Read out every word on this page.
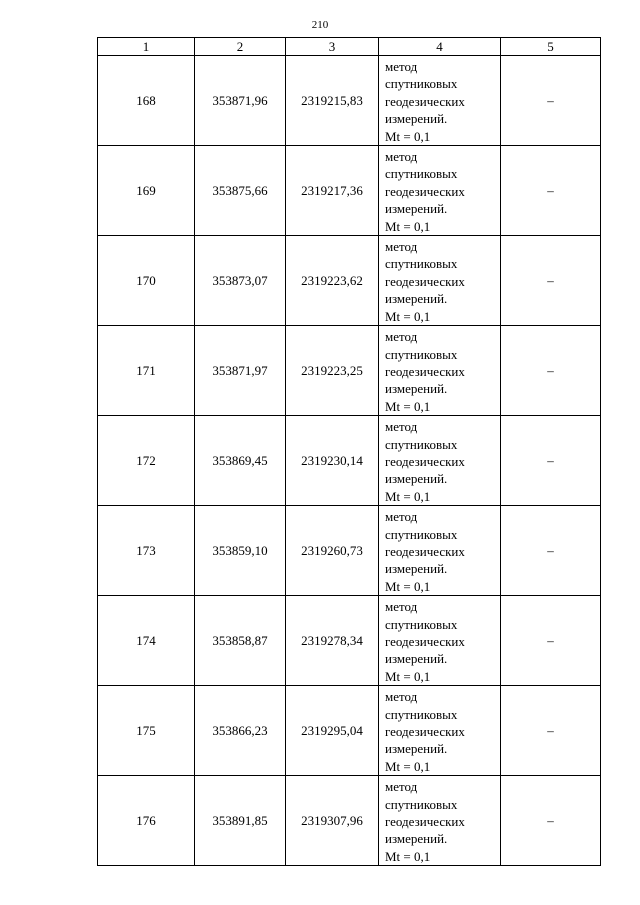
210
1	2	3	4	5
168	353871,96	2319215,83	метод
спутниковых
геодезических
измерений.
Mt = 0,1	–
169	353875,66	2319217,36	метод
спутниковых
геодезических
измерений.
Mt = 0,1	–
170	353873,07	2319223,62	метод
спутниковых
геодезических
измерений.
Mt = 0,1	–
171	353871,97	2319223,25	метод
спутниковых
геодезических
измерений.
Mt = 0,1	–
172	353869,45	2319230,14	метод
спутниковых
геодезических
измерений.
Mt = 0,1	–
173	353859,10	2319260,73	метод
спутниковых
геодезических
измерений.
Mt = 0,1	–
174	353858,87	2319278,34	метод
спутниковых
геодезических
измерений.
Mt = 0,1	–
175	353866,23	2319295,04	метод
спутниковых
геодезических
измерений.
Mt = 0,1	–
176	353891,85	2319307,96	метод
спутниковых
геодезических
измерений.
Mt = 0,1	–
